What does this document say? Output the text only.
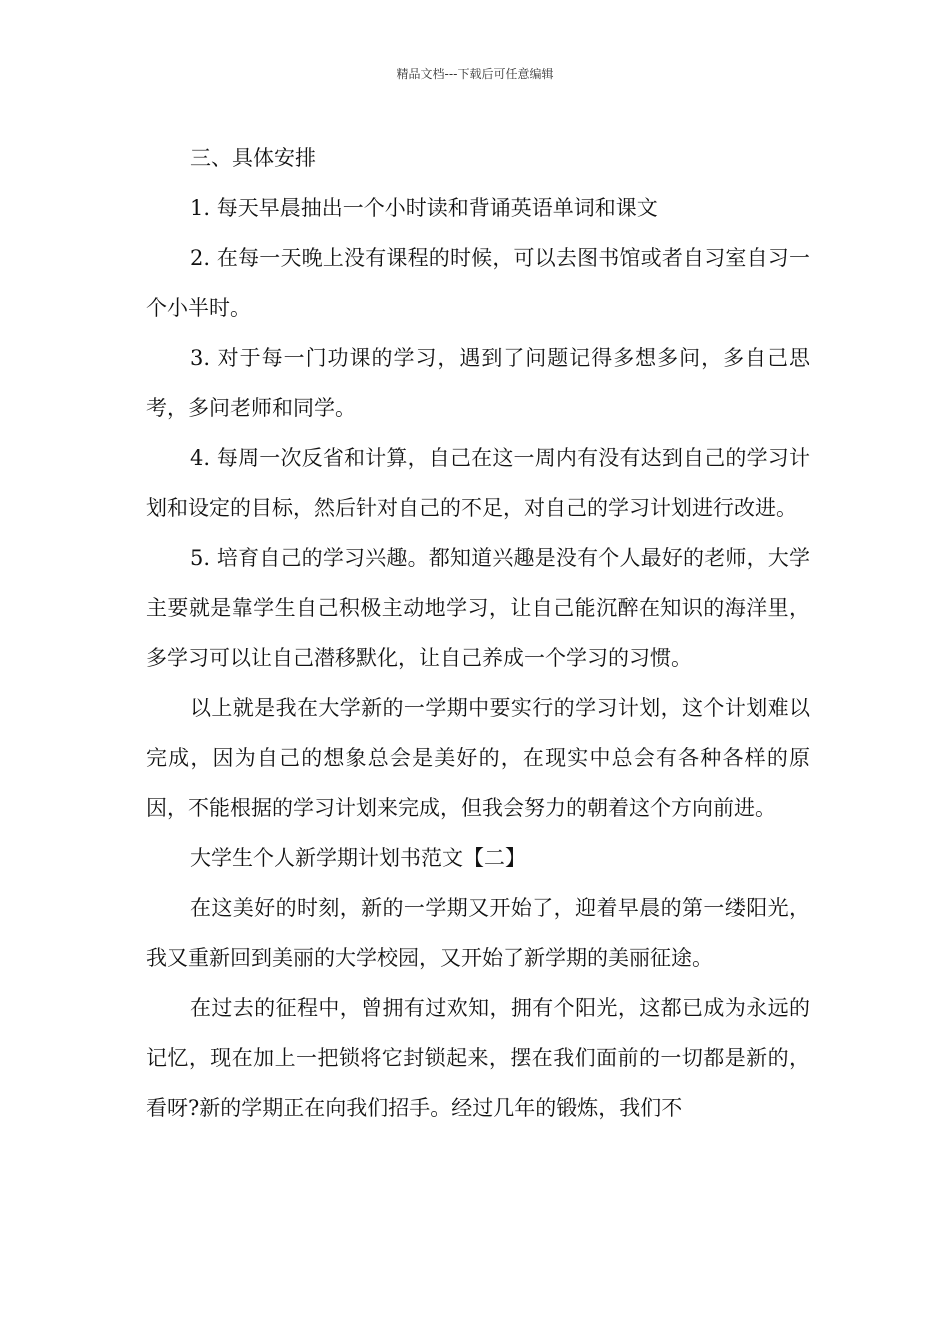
精品文档---下载后可任意编辑

三、具体安排

1. 每天早晨抽出一个小时读和背诵英语单词和课文

2. 在每一天晚上没有课程的时候，可以去图书馆或者自习室自习一个小半时。

3. 对于每一门功课的学习，遇到了问题记得多想多问，多自己思考，多问老师和同学。

4. 每周一次反省和计算，自己在这一周内有没有达到自己的学习计划和设定的目标，然后针对自己的不足，对自己的学习计划进行改进。

5. 培育自己的学习兴趣。都知道兴趣是没有个人最好的老师，大学主要就是靠学生自己积极主动地学习，让自己能沉醉在知识的海洋里，多学习可以让自己潜移默化，让自己养成一个学习的习惯。

以上就是我在大学新的一学期中要实行的学习计划，这个计划难以完成，因为自己的想象总会是美好的，在现实中总会有各种各样的原因，不能根据的学习计划来完成，但我会努力的朝着这个方向前进。

大学生个人新学期计划书范文【二】

在这美好的时刻，新的一学期又开始了，迎着早晨的第一缕阳光，我又重新回到美丽的大学校园，又开始了新学期的美丽征途。

在过去的征程中，曾拥有过欢知，拥有个阳光，这都已成为永远的记忆，现在加上一把锁将它封锁起来，摆在我们面前的一切都是新的，看呀?新的学期正在向我们招手。经过几年的锻炼，我们不
